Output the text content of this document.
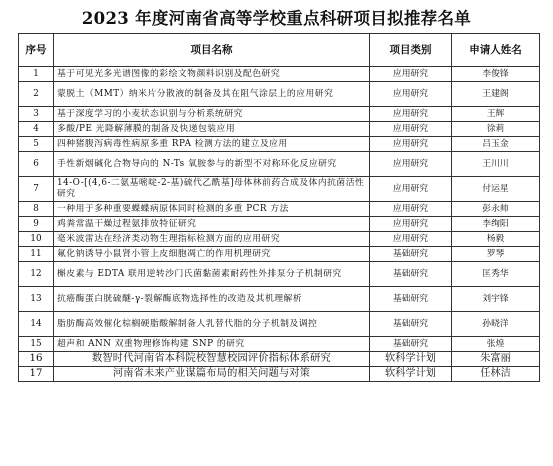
2023 年度河南省高等学校重点科研项目拟推荐名单
序号	项目名称	项目类别	申请人姓名
1	基于可见光多光谱图像的彩绘文物颜料识别及配色研究	应用研究	李俊锋
2	蒙脱土（MMT）纳米片分散液的制备及其在阻气涂层上的应用研究	应用研究	王建阁
3	基于深度学习的小麦状态识别与分析系统研究	应用研究	王辉
4	多酸/PE 光降解薄膜的制备及快递包装应用	应用研究	徐莉
5	四种猪腹泻病毒性病原多重 RPA 检测方法的建立及应用	应用研究	吕玉金
6	手性新烟碱化合物导向的 N-Ts 氧胺参与的新型不对称环化反应研究	应用研究	王川川
7	14-O-[(4,6-二氨基嘧啶-2-基)硫代乙酰基]母体林前药合成及体内抗菌活性研究	应用研究	付运星
8	一种用于多种重要蝶蝶病原体同时检测的多重 PCR 方法	应用研究	彭永帅
9	鸡粪常温干燥过程氨排放特征研究	应用研究	李绚阳
10	毫米波雷达在经济类动物生理指标检测方面的应用研究	应用研究	杨毅
11	氟化钠诱导小鼠肾小管上皮细胞凋亡的作用机理研究	基础研究	罗琴
12	槲皮素与 EDTA 联用逆转沙门氏菌黏菌素耐药性外排泵分子机制研究	基础研究	匡秀华
13	抗癌酶蛋白胱硫醚-γ-裂解酶底物选择性的改造及其机理解析	基础研究	刘宇锋
14	脂肪酶高效催化棕榈硬脂酸解制备人乳替代脂的分子机制及调控	基础研究	孙晓洋
15	超声和 ANN 双重物理修饰构建 SNP 的研究	基础研究	张煌
16	数智时代河南省本科院校智慧校园评价指标体系研究	软科学计划	朱富丽
17	河南省未来产业谋篇布局的相关问题与对策	软科学计划	任林洁
